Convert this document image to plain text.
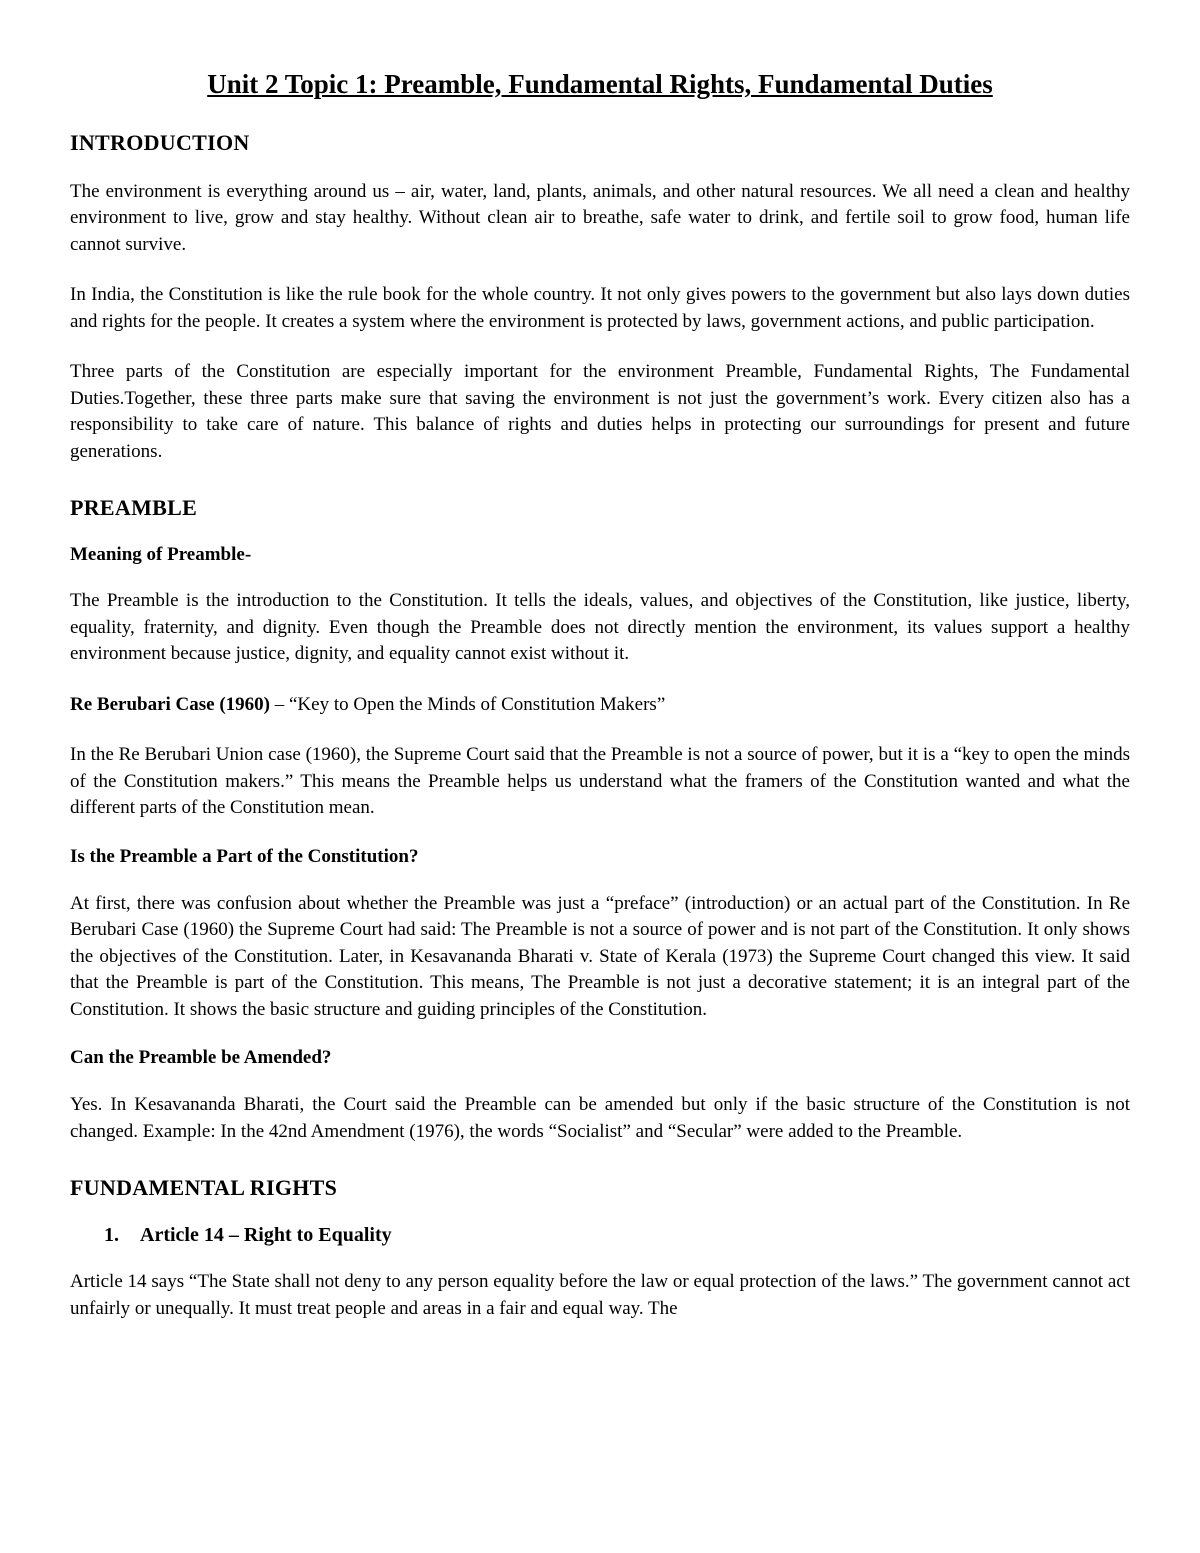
Unit 2 Topic 1: Preamble, Fundamental Rights, Fundamental Duties
INTRODUCTION

The environment is everything around us – air, water, land, plants, animals, and other natural resources. We all need a clean and healthy environment to live, grow and stay healthy. Without clean air to breathe, safe water to drink, and fertile soil to grow food, human life cannot survive.

In India, the Constitution is like the rule book for the whole country. It not only gives powers to the government but also lays down duties and rights for the people. It creates a system where the environment is protected by laws, government actions, and public participation.

Three parts of the Constitution are especially important for the environment Preamble, Fundamental Rights, The Fundamental Duties.Together, these three parts make sure that saving the environment is not just the government’s work. Every citizen also has a responsibility to take care of nature. This balance of rights and duties helps in protecting our surroundings for present and future generations.

PREAMBLE
Meaning of Preamble-

The Preamble is the introduction to the Constitution. It tells the ideals, values, and objectives of the Constitution, like justice, liberty, equality, fraternity, and dignity. Even though the Preamble does not directly mention the environment, its values support a healthy environment because justice, dignity, and equality cannot exist without it.

Re Berubari Case (1960) – “Key to Open the Minds of Constitution Makers”

In the Re Berubari Union case (1960), the Supreme Court said that the Preamble is not a source of power, but it is a “key to open the minds of the Constitution makers.” This means the Preamble helps us understand what the framers of the Constitution wanted and what the different parts of the Constitution mean.

Is the Preamble a Part of the Constitution?

At first, there was confusion about whether the Preamble was just a “preface” (introduction) or an actual part of the Constitution. In Re Berubari Case (1960) the Supreme Court had said: The Preamble is not a source of power and is not part of the Constitution. It only shows the objectives of the Constitution. Later, in Kesavananda Bharati v. State of Kerala (1973) the Supreme Court changed this view. It said that the Preamble is part of the Constitution. This means, The Preamble is not just a decorative statement; it is an integral part of the Constitution. It shows the basic structure and guiding principles of the Constitution.

Can the Preamble be Amended?

Yes. In Kesavananda Bharati, the Court said the Preamble can be amended but only if the basic structure of the Constitution is not changed. Example: In the 42nd Amendment (1976), the words “Socialist” and “Secular” were added to the Preamble.

FUNDAMENTAL RIGHTS
1. Article 14 – Right to Equality

Article 14 says “The State shall not deny to any person equality before the law or equal protection of the laws.” The government cannot act unfairly or unequally. It must treat people and areas in a fair and equal way. The
